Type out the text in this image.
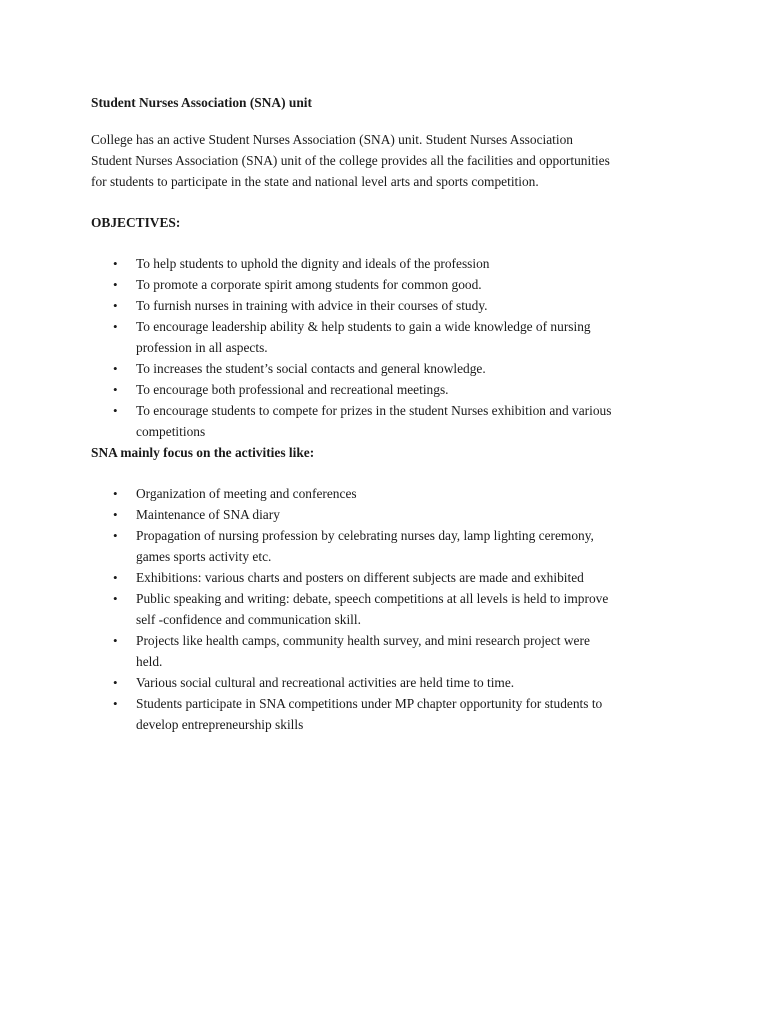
Student Nurses Association (SNA) unit

College has an active Student Nurses Association (SNA) unit. Student Nurses Association
Student Nurses Association (SNA) unit of the college provides all the facilities and opportunities
for students to participate in the state and national level arts and sports competition.

OBJECTIVES:

• To help students to uphold the dignity and ideals of the profession
• To promote a corporate spirit among students for common good.
• To furnish nurses in training with advice in their courses of study.
• To encourage leadership ability & help students to gain a wide knowledge of nursing
profession in all aspects.
• To increases the student’s social contacts and general knowledge.
• To encourage both professional and recreational meetings.
• To encourage students to compete for prizes in the student Nurses exhibition and various
competitions

SNA mainly focus on the activities like:

• Organization of meeting and conferences
• Maintenance of SNA diary
• Propagation of nursing profession by celebrating nurses day, lamp lighting ceremony,
games sports activity etc.
• Exhibitions: various charts and posters on different subjects are made and exhibited
• Public speaking and writing: debate, speech competitions at all levels is held to improve
self -confidence and communication skill.
• Projects like health camps, community health survey, and mini research project were
held.
• Various social cultural and recreational activities are held time to time.
• Students participate in SNA competitions under MP chapter opportunity for students to
develop entrepreneurship skills
